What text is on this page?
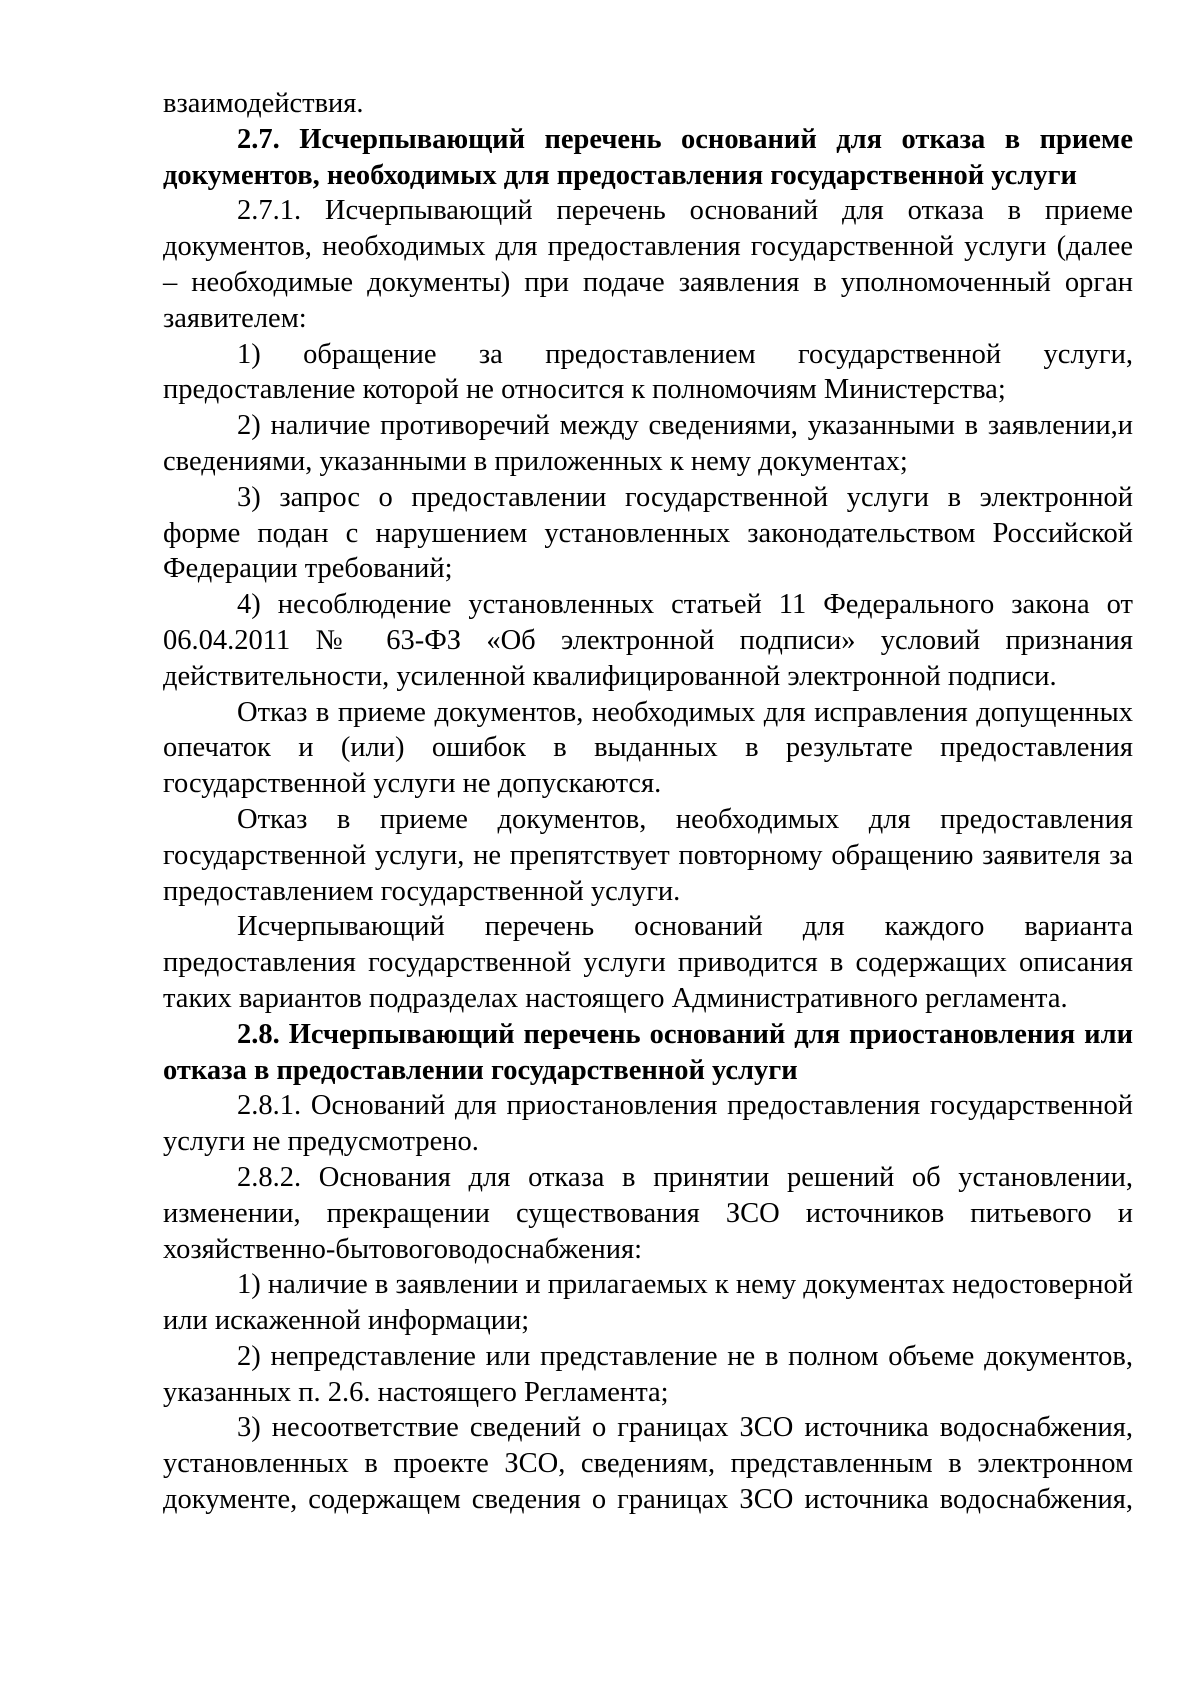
взаимодействия.

2.7. Исчерпывающий перечень оснований для отказа в приеме документов, необходимых для предоставления государственной услуги

2.7.1. Исчерпывающий перечень оснований для отказа в приеме документов, необходимых для предоставления государственной услуги (далее – необходимые документы) при подаче заявления в уполномоченный орган заявителем:

1) обращение за предоставлением государственной услуги, предоставление которой не относится к полномочиям Министерства;

2) наличие противоречий между сведениями, указанными в заявлении,и сведениями, указанными в приложенных к нему документах;

3) запрос о предоставлении государственной услуги в электронной форме подан с нарушением установленных законодательством Российской Федерации требований;

4) несоблюдение установленных статьей 11 Федерального закона от 06.04.2011 № 63-ФЗ «Об электронной подписи» условий признания действительности, усиленной квалифицированной электронной подписи.

Отказ в приеме документов, необходимых для исправления допущенных опечаток и (или) ошибок в выданных в результате предоставления государственной услуги не допускаются.

Отказ в приеме документов, необходимых для предоставления государственной услуги, не препятствует повторному обращению заявителя за предоставлением государственной услуги.

Исчерпывающий перечень оснований для каждого варианта предоставления государственной услуги приводится в содержащих описания таких вариантов подразделах настоящего Административного регламента.

2.8. Исчерпывающий перечень оснований для приостановления или отказа в предоставлении государственной услуги

2.8.1. Оснований для приостановления предоставления государственной услуги не предусмотрено.

2.8.2. Основания для отказа в принятии решений об установлении, изменении, прекращении существования ЗСО источников питьевого и хозяйственно-бытовоговодоснабжения:

1) наличие в заявлении и прилагаемых к нему документах недостоверной или искаженной информации;

2) непредставление или представление не в полном объеме документов, указанных п. 2.6. настоящего Регламента;

3) несоответствие сведений о границах ЗСО источника водоснабжения, установленных в проекте ЗСО, сведениям, представленным в электронном документе, содержащем сведения о границах ЗСО источника водоснабжения,
